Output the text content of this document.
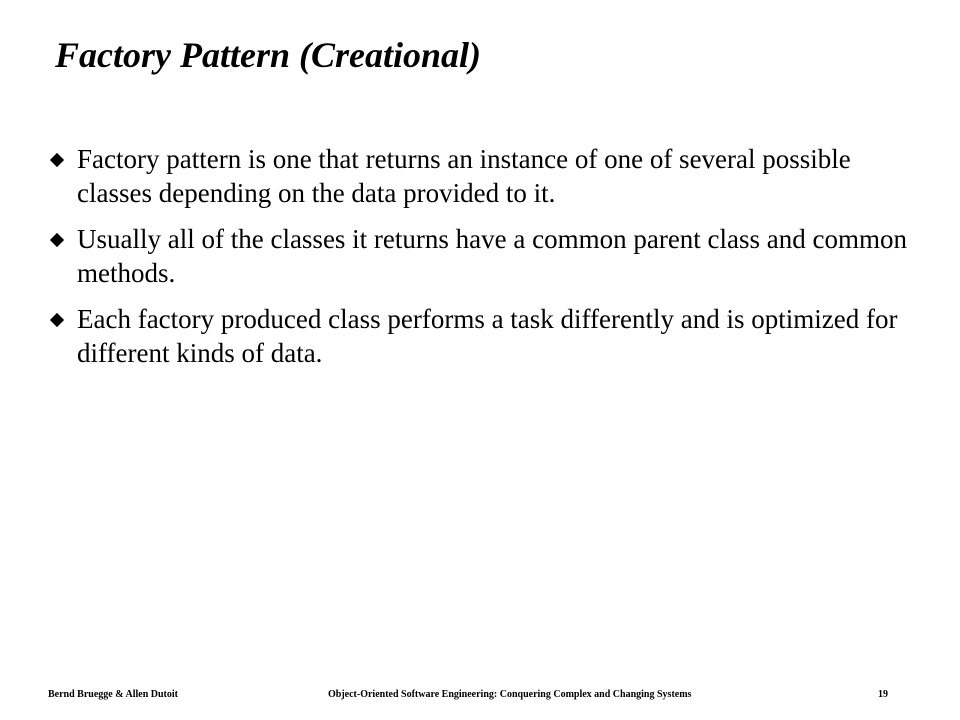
Factory Pattern (Creational)
Factory pattern is one that returns an instance of one of several possible classes depending on the data provided to it.
Usually all of the classes it returns have a common parent class and common methods.
Each factory produced class performs a task differently and is optimized for different kinds of data.
Bernd Bruegge & Allen Dutoit	Object-Oriented Software Engineering: Conquering Complex and Changing Systems	19
